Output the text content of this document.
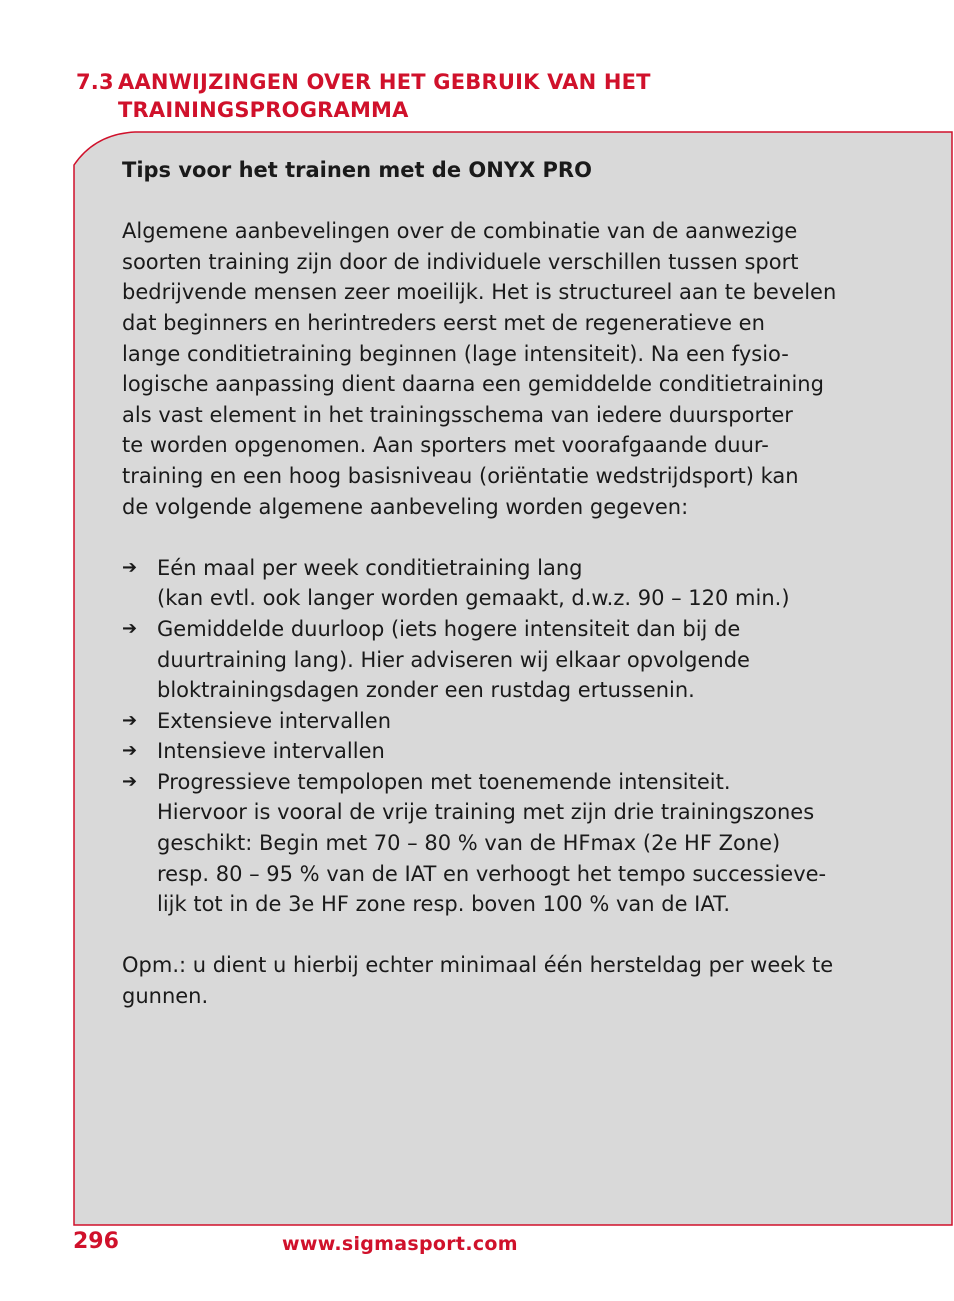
7.3 AANWIJZINGEN OVER HET GEBRUIK VAN HET
TRAININGSPROGRAMMA

Tips voor het trainen met de ONYX PRO

Algemene aanbevelingen over de combinatie van de aanwezige

soorten training zijn door de individuele verschillen tussen sport

bedrijvende mensen zeer moeilijk. Het is structureel aan te bevelen

dat beginners en herintreders eerst met de regeneratieve en

lange conditietraining beginnen (lage intensiteit). Na een fysio-

logische aanpassing dient daarna een gemiddelde conditietraining

als vast element in het trainingsschema van iedere duursporter

te worden opgenomen. Aan sporters met voorafgaande duur-

training en een hoog basisniveau (oriëntatie wedstrijdsport) kan

de volgende algemene aanbeveling worden gegeven:

➔ Eén maal per week conditietraining lang
(kan evtl. ook langer worden gemaakt, d.w.z. 90 – 120 min.)
➔ Gemiddelde duurloop (iets hogere intensiteit dan bij de
duurtraining lang). Hier adviseren wij elkaar opvolgende
bloktrainingsdagen zonder een rustdag ertussenin.
➔ Extensieve intervallen
➔ Intensieve intervallen
➔ Progressieve tempolopen met toenemende intensiteit.
Hiervoor is vooral de vrije training met zijn drie trainingszones
geschikt: Begin met 70 – 80 % van de HFmax (2e HF Zone)
resp. 80 – 95 % van de IAT en verhoogt het tempo successieve-
lijk tot in de 3e HF zone resp. boven 100 % van de IAT.

Opm.: u dient u hierbij echter minimaal één hersteldag per week te

gunnen.

296	www.sigmasport.com
